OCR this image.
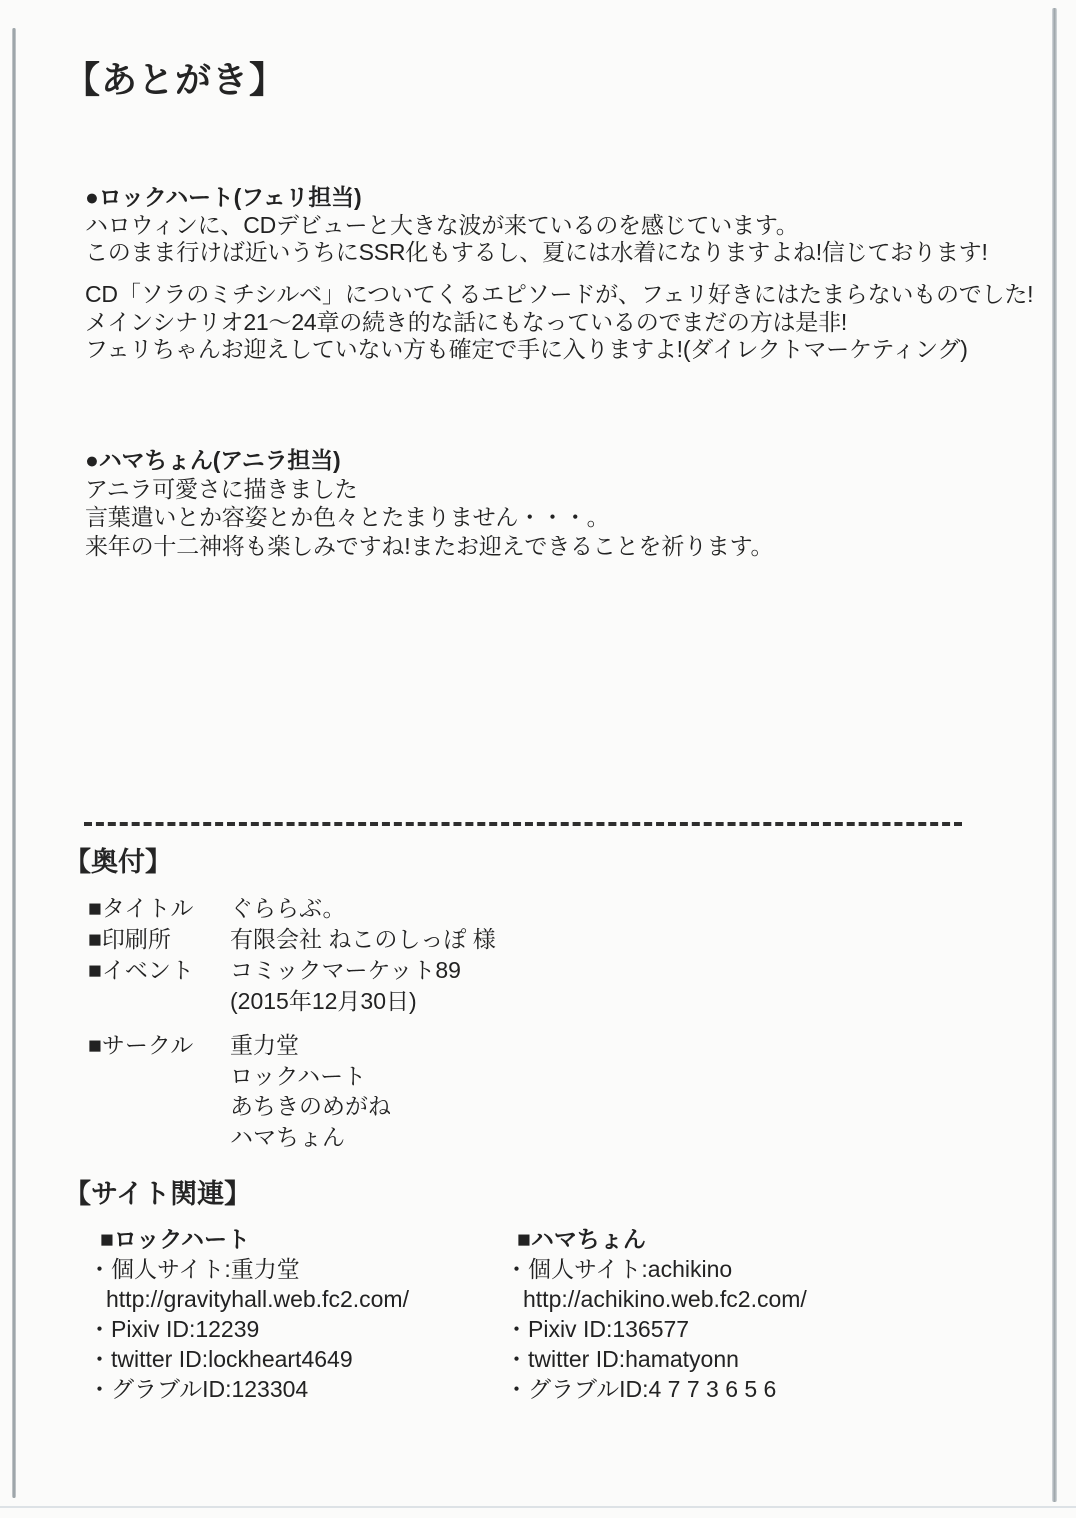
【あとがき】
●ロックハート(フェリ担当)
ハロウィンに、CDデビューと大きな波が来ているのを感じています。
このまま行けば近いうちにSSR化もするし、夏には水着になりますよね!信じております!
CD「ソラのミチシルベ」についてくるエピソードが、フェリ好きにはたまらないものでした!
メインシナリオ21〜24章の続き的な話にもなっているのでまだの方は是非!
フェリちゃんお迎えしていない方も確定で手に入りますよ!(ダイレクトマーケティング)
●ハマちょん(アニラ担当)
アニラ可愛さに描きました
言葉遣いとか容姿とか色々とたまりません・・・。
来年の十二神将も楽しみですね!またお迎えできることを祈ります。
【奥付】
■タイトル	ぐららぶ。
■印刷所	有限会社 ねこのしっぽ 様
■イベント	コミックマーケット89
(2015年12月30日)
■サークル	重力堂
ロックハート
あちきのめがね
ハマちょん
【サイト関連】
■ロックハート
・個人サイト:重力堂
http://gravityhall.web.fc2.com/
・Pixiv ID:12239
・twitter ID:lockheart4649
・グラブルID:123304
■ハマちょん
・個人サイト:achikino
http://achikino.web.fc2.com/
・Pixiv ID:136577
・twitter ID:hamatyonn
・グラブルID:4 7 7 3 6 5 6
